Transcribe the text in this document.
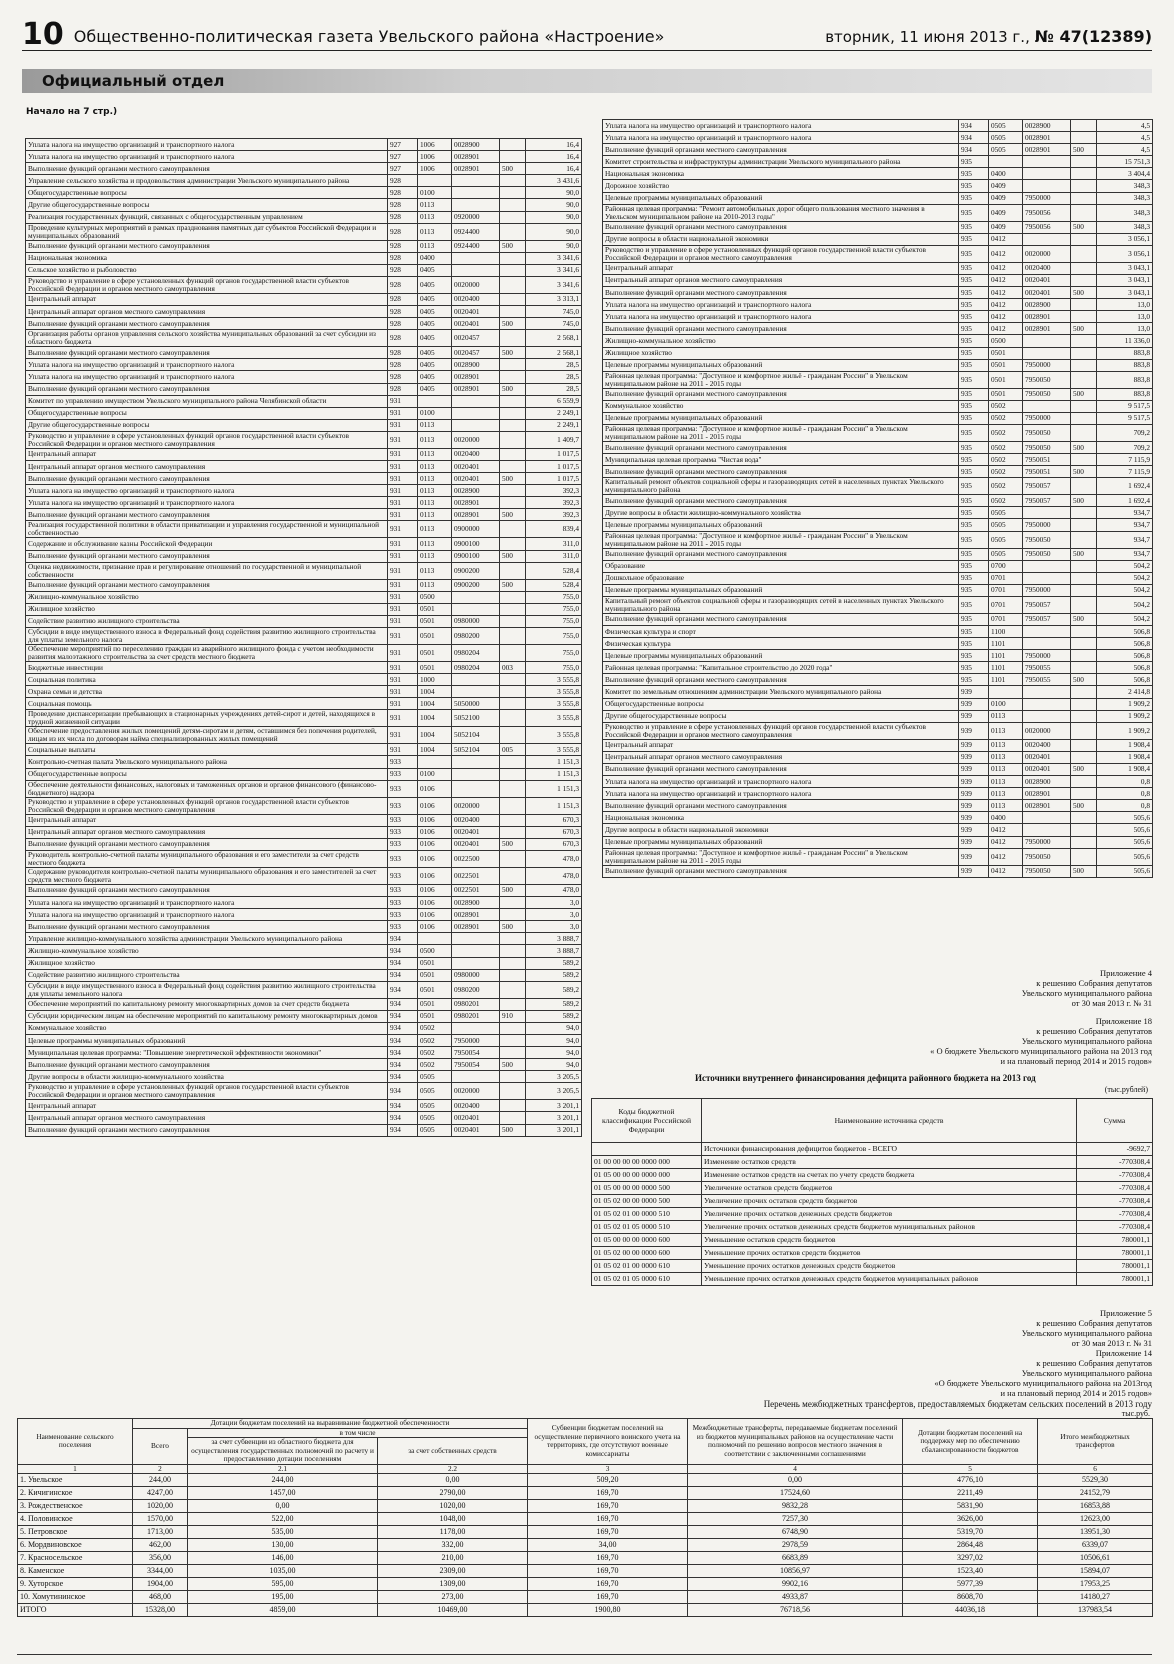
10 Общественно-политическая газета Увельского района «Настроение»	вторник, 11 июня 2013 г., № 47(12389)
Официальный отдел
Начало на 7 стр.)
Уплата налога на имущество организаций и транспортного налога	927	1006	0028900		16,4
Уплата налога на имущество организаций и транспортного налога	927	1006	0028901		16,4
Выполнение функций органами местного самоуправления	927	1006	0028901	500	16,4
Управление сельского хозяйства и продовольствия администрации Увельского муниципального района	928				3 431,6
Общегосударственные вопросы	928	0100			90,0
Другие общегосударственные вопросы	928	0113			90,0
Реализация государственных функций, связанных с общегосударственным управлением	928	0113	0920000		90,0
Проведение культурных мероприятий в рамках празднования памятных дат субъектов Российской Федерации и муниципальных образований	928	0113	0924400		90,0
Выполнение функций органами местного самоуправления	928	0113	0924400	500	90,0
Национальная экономика	928	0400			3 341,6
Сельское хозяйство и рыболовство	928	0405			3 341,6
Руководство и управление в сфере установленных функций органов государственной власти субъектов Российской Федерации и органов местного самоуправления	928	0405	0020000		3 341,6
Центральный аппарат	928	0405	0020400		3 313,1
Центральный аппарат органов местного самоуправления	928	0405	0020401		745,0
Выполнение функций органами местного самоуправления	928	0405	0020401	500	745,0
Организация работы органов управления сельского хозяйства муниципальных образований за счет субсидии из областного бюджета	928	0405	0020457		2 568,1
Выполнение функций органами местного самоуправления	928	0405	0020457	500	2 568,1
Уплата налога на имущество организаций и транспортного налога	928	0405	0028900		28,5
Уплата налога на имущество организаций и транспортного налога	928	0405	0028901		28,5
Выполнение функций органами местного самоуправления	928	0405	0028901	500	28,5
Комитет по управлению имуществом Увельского муниципального района Челябинской области	931				6 559,9
Общегосударственные вопросы	931	0100			2 249,1
Другие общегосударственные вопросы	931	0113			2 249,1
Руководство и управление в сфере установленных функций органов государственной власти субъектов Российской Федерации и органов местного самоуправления	931	0113	0020000		1 409,7
Центральный аппарат	931	0113	0020400		1 017,5
Центральный аппарат органов местного самоуправления	931	0113	0020401		1 017,5
Выполнение функций органами местного самоуправления	931	0113	0020401	500	1 017,5
Уплата налога на имущество организаций и транспортного налога	931	0113	0028900		392,3
Уплата налога на имущество организаций и транспортного налога	931	0113	0028901		392,3
Выполнение функций органами местного самоуправления	931	0113	0028901	500	392,3
Реализация государственной политики в области приватизации и управления государственной и муниципальной собственностью	931	0113	0900000		839,4
Содержание и обслуживание казны Российской Федерации	931	0113	0900100		311,0
Выполнение функций органами местного самоуправления	931	0113	0900100	500	311,0
Оценка недвижимости, признание прав и регулирование отношений по государственной и муниципальной собственности	931	0113	0900200		528,4
Выполнение функций органами местного самоуправления	931	0113	0900200	500	528,4
Жилищно-коммунальное хозяйство	931	0500			755,0
Жилищное хозяйство	931	0501			755,0
Содействие развитию жилищного строительства	931	0501	0980000		755,0
Субсидии в виде имущественного взноса в Федеральный фонд содействия развитию жилищного строительства для уплаты земельного налога	931	0501	0980200		755,0
Обеспечение мероприятий по переселению граждан из аварийного жилищного фонда с учетом необходимости развития малоэтажного строительства за счет средств местного бюджета	931	0501	0980204		755,0
Бюджетные инвестиции	931	0501	0980204	003	755,0
Социальная политика	931	1000			3 555,8
Охрана семьи и детства	931	1004			3 555,8
Социальная помощь	931	1004	5050000		3 555,8
Проведение диспансеризации пребывающих в стационарных учреждениях детей-сирот и детей, находящихся в трудной жизненной ситуации	931	1004	5052100		3 555,8
Обеспечение предоставления жилых помещений детям-сиротам и детям, оставшимся без попечения родителей, лицам из их числа по договорам найма специализированных жилых помещений	931	1004	5052104		3 555,8
Социальные выплаты	931	1004	5052104	005	3 555,8
Контрольно-счетная палата Увельского муниципального района	933				1 151,3
Общегосударственные вопросы	933	0100			1 151,3
Обеспечение деятельности финансовых, налоговых и таможенных органов и органов финансового (финансово-бюджетного) надзора	933	0106			1 151,3
Руководство и управление в сфере установленных функций органов государственной власти субъектов Российской Федерации и органов местного самоуправления	933	0106	0020000		1 151,3
Центральный аппарат	933	0106	0020400		670,3
Центральный аппарат органов местного самоуправления	933	0106	0020401		670,3
Выполнение функций органами местного самоуправления	933	0106	0020401	500	670,3
Руководитель контрольно-счетной палаты муниципального образования и его заместители за счет средств местного бюджета	933	0106	0022500		478,0
Содержание руководителя контрольно-счетной палаты муниципального образования и его заместителей за счет средств местного бюджета	933	0106	0022501		478,0
Выполнение функций органами местного самоуправления	933	0106	0022501	500	478,0
Уплата налога на имущество организаций и транспортного налога	933	0106	0028900		3,0
Уплата налога на имущество организаций и транспортного налога	933	0106	0028901		3,0
Выполнение функций органами местного самоуправления	933	0106	0028901	500	3,0
Управление жилищно-коммунального хозяйства администрации Увельского муниципального района	934				3 888,7
Жилищно-коммунальное хозяйство	934	0500			3 888,7
Жилищное хозяйство	934	0501			589,2
Содействие развитию жилищного строительства	934	0501	0980000		589,2
Субсидии в виде имущественного взноса в Федеральный фонд содействия развитию жилищного строительства для уплаты земельного налога	934	0501	0980200		589,2
Обеспечение мероприятий по капитальному ремонту многоквартирных домов за счет средств бюджета	934	0501	0980201		589,2
Субсидии юридическим лицам на обеспечение мероприятий по капитальному ремонту многоквартирных домов	934	0501	0980201	910	589,2
Коммунальное хозяйство	934	0502			94,0
Целевые программы муниципальных образований	934	0502	7950000		94,0
Муниципальная целевая программа: "Повышение энергетической эффективности экономики"	934	0502	7950054		94,0
Выполнение функций органами местного самоуправления	934	0502	7950054	500	94,0
Другие вопросы в области жилищно-коммунального хозяйства	934	0505			3 205,5
Руководство и управление в сфере установленных функций органов государственной власти субъектов Российской Федерации и органов местного самоуправления	934	0505	0020000		3 205,5
Центральный аппарат	934	0505	0020400		3 201,1
Центральный аппарат органов местного самоуправления	934	0505	0020401		3 201,1
Выполнение функций органами местного самоуправления	934	0505	0020401	500	3 201,1
Уплата налога на имущество организаций и транспортного налога	934	0505	0028900		4,5
Уплата налога на имущество организаций и транспортного налога	934	0505	0028901		4,5
Выполнение функций органами местного самоуправления	934	0505	0028901	500	4,5
Комитет строительства и инфраструктуры администрации Увельского муниципального района	935				15 751,3
Национальная экономика	935	0400			3 404,4
Дорожное хозяйство	935	0409			348,3
Целевые программы муниципальных образований	935	0409	7950000		348,3
Районная целевая программа: "Ремонт автомобильных дорог общего пользования местного значения в Увельском муниципальном районе на 2010-2013 годы"	935	0409	7950056		348,3
Выполнение функций органами местного самоуправления	935	0409	7950056	500	348,3
Другие вопросы в области национальной экономики	935	0412			3 056,1
Руководство и управление в сфере установленных функций органов государственной власти субъектов Российской Федерации и органов местного самоуправления	935	0412	0020000		3 056,1
Центральный аппарат	935	0412	0020400		3 043,1
Центральный аппарат органов местного самоуправления	935	0412	0020401		3 043,1
Выполнение функций органами местного самоуправления	935	0412	0020401	500	3 043,1
Уплата налога на имущество организаций и транспортного налога	935	0412	0028900		13,0
Уплата налога на имущество организаций и транспортного налога	935	0412	0028901		13,0
Выполнение функций органами местного самоуправления	935	0412	0028901	500	13,0
Жилищно-коммунальное хозяйство	935	0500			11 336,0
Жилищное хозяйство	935	0501			883,8
Целевые программы муниципальных образований	935	0501	7950000		883,8
Районная целевая программа: "Доступное и комфортное жильё - гражданам России" в Увельском муниципальном районе на 2011 - 2015 годы	935	0501	7950050		883,8
Выполнение функций органами местного самоуправления	935	0501	7950050	500	883,8
Коммунальное хозяйство	935	0502			9 517,5
Целевые программы муниципальных образований	935	0502	7950000		9 517,5
Районная целевая программа: "Доступное и комфортное жильё - гражданам России" в Увельском муниципальном районе на 2011 - 2015 годы	935	0502	7950050		709,2
Выполнение функций органами местного самоуправления	935	0502	7950050	500	709,2
Муниципальная целевая программа "Чистая вода"	935	0502	7950051		7 115,9
Выполнение функций органами местного самоуправления	935	0502	7950051	500	7 115,9
Капитальный ремонт объектов социальной сферы и газоразводящих сетей в населенных пунктах Увельского муниципального района	935	0502	7950057		1 692,4
Выполнение функций органами местного самоуправления	935	0502	7950057	500	1 692,4
Другие вопросы в области жилищно-коммунального хозяйства	935	0505			934,7
Целевые программы муниципальных образований	935	0505	7950000		934,7
Районная целевая программа: "Доступное и комфортное жильё - гражданам России" в Увельском муниципальном районе на 2011 - 2015 годы	935	0505	7950050		934,7
Выполнение функций органами местного самоуправления	935	0505	7950050	500	934,7
Образование	935	0700			504,2
Дошкольное образование	935	0701			504,2
Целевые программы муниципальных образований	935	0701	7950000		504,2
Капитальный ремонт объектов социальной сферы и газоразводящих сетей в населенных пунктах Увельского муниципального района	935	0701	7950057		504,2
Выполнение функций органами местного самоуправления	935	0701	7950057	500	504,2
Физическая культура и спорт	935	1100			506,8
Физическая культура	935	1101			506,8
Целевые программы муниципальных образований	935	1101	7950000		506,8
Районная целевая программа: "Капитальное строительство до 2020 года"	935	1101	7950055		506,8
Выполнение функций органами местного самоуправления	935	1101	7950055	500	506,8
Комитет по земельным отношениям администрации Увельского муниципального района	939				2 414,8
Общегосударственные вопросы	939	0100			1 909,2
Другие общегосударственные вопросы	939	0113			1 909,2
Руководство и управление в сфере установленных функций органов государственной власти субъектов Российской Федерации и органов местного самоуправления	939	0113	0020000		1 909,2
Центральный аппарат	939	0113	0020400		1 908,4
Центральный аппарат органов местного самоуправления	939	0113	0020401		1 908,4
Выполнение функций органами местного самоуправления	939	0113	0020401	500	1 908,4
Уплата налога на имущество организаций и транспортного налога	939	0113	0028900		0,8
Уплата налога на имущество организаций и транспортного налога	939	0113	0028901		0,8
Выполнение функций органами местного самоуправления	939	0113	0028901	500	0,8
Национальная экономика	939	0400			505,6
Другие вопросы в области национальной экономики	939	0412			505,6
Целевые программы муниципальных образований	939	0412	7950000		505,6
Районная целевая программа: "Доступное и комфортное жильё - гражданам России" в Увельском муниципальном районе на 2011 - 2015 годы	939	0412	7950050		505,6
Выполнение функций органами местного самоуправления	939	0412	7950050	500	505,6
Приложение 4
к решению Собрания депутатов
Увельского муниципального района
от 30 мая 2013 г. № 31
Приложение 18
к решению Собрания депутатов
Увельского муниципального района
« О бюджете Увельского муниципального района на 2013 год
и на плановый период 2014 и 2015 годов»
Источники внутреннего финансирования дефицита районного бюджета на 2013 год
(тыс.рублей)
Коды бюджетной классификации Российской Федерации	Наименование источника средств	Сумма
	Источники финансирования дефицитов бюджетов - ВСЕГО	-9692,7
01 00 00 00 00 0000 000	Изменение остатков средств	-770308,4
01 05 00 00 00 0000 000	Изменение остатков средств на счетах по учету средств бюджета	-770308,4
01 05 00 00 00 0000 500	Увеличение остатков средств бюджетов	-770308,4
01 05 02 00 00 0000 500	Увеличение прочих остатков средств бюджетов	-770308,4
01 05 02 01 00 0000 510	Увеличение прочих остатков денежных средств бюджетов	-770308,4
01 05 02 01 05 0000 510	Увеличение прочих остатков денежных средств бюджетов муниципальных районов	-770308,4
01 05 00 00 00 0000 600	Уменьшение остатков средств бюджетов	780001,1
01 05 02 00 00 0000 600	Уменьшение прочих остатков средств бюджетов	780001,1
01 05 02 01 00 0000 610	Уменьшение прочих остатков денежных средств бюджетов	780001,1
01 05 02 01 05 0000 610	Уменьшение прочих остатков денежных средств бюджетов муниципальных районов	780001,1
Приложение 5
к решению Собрания депутатов
Увельского муниципального района
от 30 мая 2013 г. № 31
Приложение 14
к решению Собрания депутатов
Увельского муниципального района
«О бюджете Увельского муниципального района на 2013год
и на плановый период 2014 и 2015 годов»
Перечень межбюджетных трансфертов, предоставляемых бюджетам сельских поселений в 2013 году
тыс.руб.
Наименование сельского поселения	Дотации бюджетам поселений на выравнивание бюджетной обеспеченности			Субвенции бюджетам поселений на осуществление первичного воинского учета на территориях, где отсутствуют военные комиссариаты	Межбюджетные трансферты, передаваемые бюджетам поселений из бюджетов муниципальных районов на осуществление части полномочий по решению вопросов местного значения в соответствии с заключенными соглашениями	Дотации бюджетам поселений на поддержку мер по обеспечению сбалансированности бюджетов	Итого межбюджетных трансфертов
	Всего	в том числе					
		за счет субвенции из областного бюджета для осуществления государственных полномочий по расчету и предоставлению дотации поселениям	за счет собственных средств				
1	2	2.1	2.2	3	4	5	6
1. Увельское	244,00	244,00	0,00	509,20	0,00	4776,10	5529,30
2. Кичигинское	4247,00	1457,00	2790,00	169,70	17524,60	2211,49	24152,79
3. Рождественское	1020,00	0,00	1020,00	169,70	9832,28	5831,90	16853,88
4. Половинское	1570,00	522,00	1048,00	169,70	7257,30	3626,00	12623,00
5. Петровское	1713,00	535,00	1178,00	169,70	6748,90	5319,70	13951,30
6. Мордвиновское	462,00	130,00	332,00	34,00	2978,59	2864,48	6339,07
7. Красносельское	356,00	146,00	210,00	169,70	6683,89	3297,02	10506,61
8. Каменское	3344,00	1035,00	2309,00	169,70	10856,97	1523,40	15894,07
9. Хуторское	1904,00	595,00	1309,00	169,70	9902,16	5977,39	17953,25
10. Хомутининское	468,00	195,00	273,00	169,70	4933,87	8608,70	14180,27
ИТОГО	15328,00	4859,00	10469,00	1900,80	76718,56	44036,18	137983,54
